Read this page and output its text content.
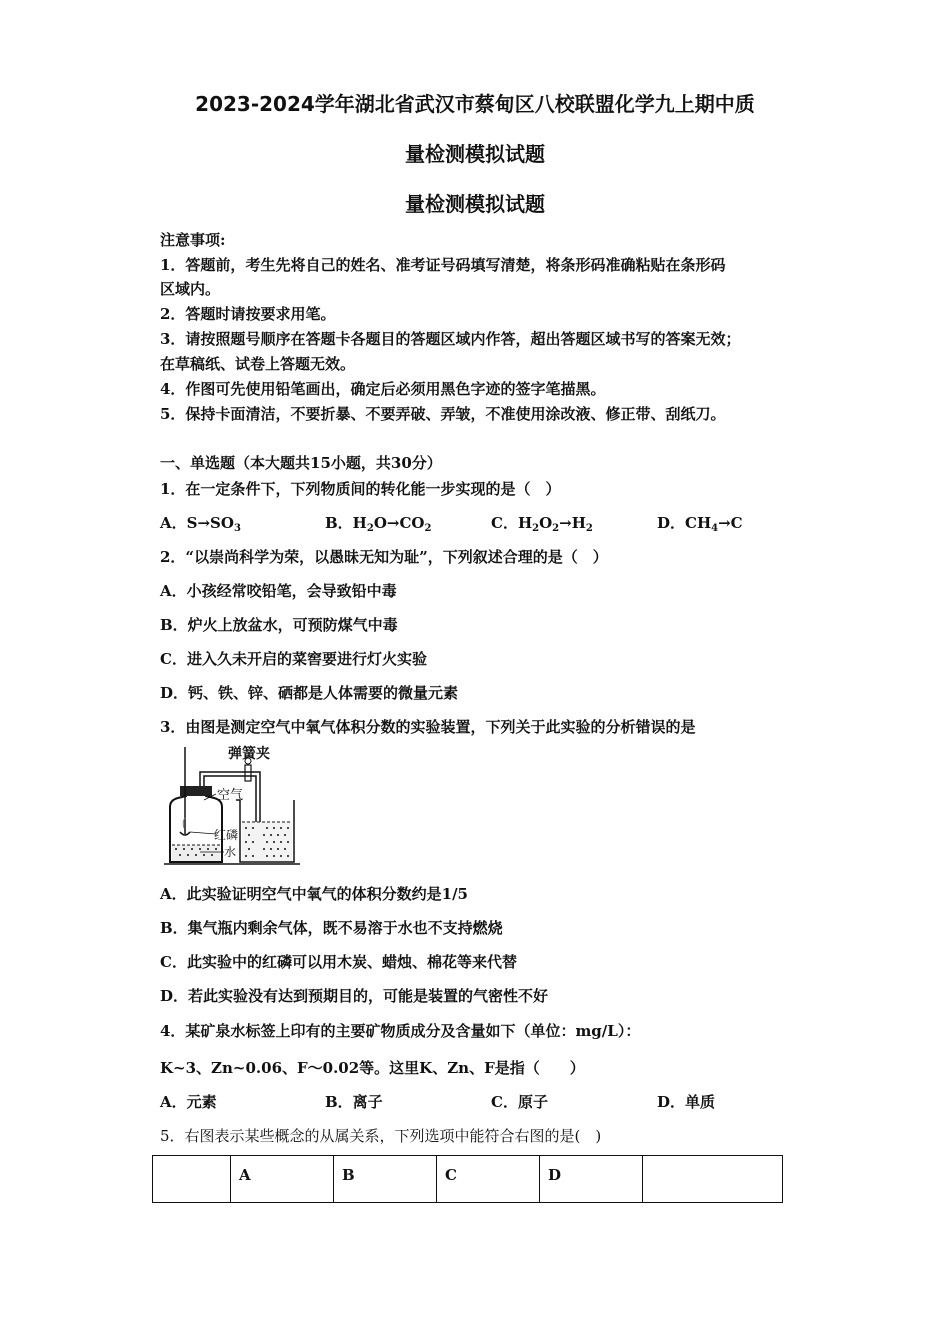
2023-2024学年湖北省武汉市蔡甸区八校联盟化学九上期中质
量检测模拟试题
量检测模拟试题
注意事项:
1．答题前，考生先将自己的姓名、准考证号码填写清楚，将条形码准确粘贴在条形码
区域内。
2．答题时请按要求用笔。
3．请按照题号顺序在答题卡各题目的答题区域内作答，超出答题区域书写的答案无效；
在草稿纸、试卷上答题无效。
4．作图可先使用铅笔画出，确定后必须用黑色字迹的签字笔描黑。
5．保持卡面清洁，不要折暴、不要弄破、弄皱，不准使用涂改液、修正带、刮纸刀。
一、单选题（本大题共15小题，共30分）
1．在一定条件下，下列物质间的转化能一步实现的是（　）
A．$S\to SO_3$	B．$H_2O\to CO_2$	C．$H_2O_2\to H_2$	D．$CH_4\to C$
2．“以崇尚科学为荣，以愚昧无知为耻”，下列叙述合理的是（　）
A．小孩经常咬铅笔，会导致铅中毒
B．炉火上放盆水，可预防煤气中毒
C．进入久未开启的菜窖要进行灯火实验
D．钙、铁、锌、硒都是人体需要的微量元素
3．由图是测定空气中氧气体积分数的实验装置，下列关于此实验的分析错误的是
弹簧夹
空气
红磷
水
A．此实验证明空气中氧气的体积分数约是1/5
B．集气瓶内剩余气体，既不易溶于水也不支持燃烧
C．此实验中的红磷可以用木炭、蜡烛、棉花等来代替
D．若此实验没有达到预期目的，可能是装置的气密性不好
4．某矿泉水标签上印有的主要矿物质成分及含量如下（单位：mg/L）：
K~3、Zn~0.06、F～0.02等。这里K、Zn、F是指（　　）
A．元素	B．离子	C．原子	D．单质
5．右图表示某些概念的从属关系，下列选项中能符合右图的是(　)
	A	B	C	D	
